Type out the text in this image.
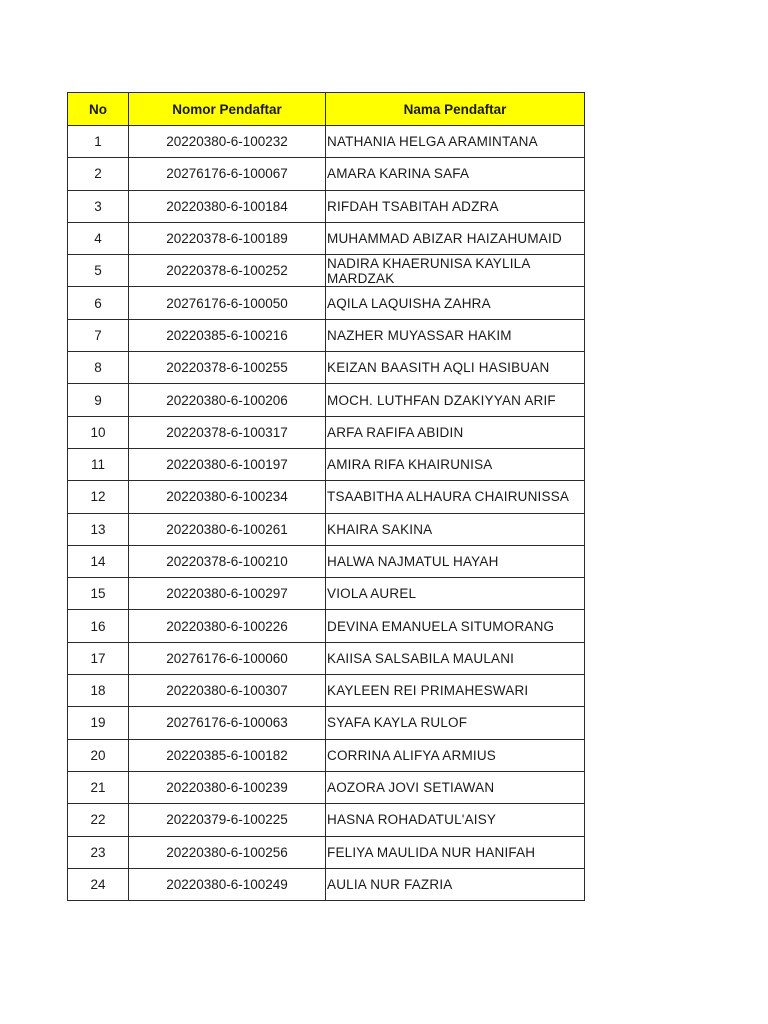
No	Nomor Pendaftar	Nama Pendaftar
1	20220380-6-100232	NATHANIA HELGA ARAMINTANA
2	20276176-6-100067	AMARA KARINA SAFA
3	20220380-6-100184	RIFDAH TSABITAH ADZRA
4	20220378-6-100189	MUHAMMAD ABIZAR HAIZAHUMAID
5	20220378-6-100252	NADIRA KHAERUNISA KAYLILA MARDZAK
6	20276176-6-100050	AQILA LAQUISHA ZAHRA
7	20220385-6-100216	NAZHER MUYASSAR HAKIM
8	20220378-6-100255	KEIZAN BAASITH AQLI HASIBUAN
9	20220380-6-100206	MOCH. LUTHFAN DZAKIYYAN ARIF
10	20220378-6-100317	ARFA RAFIFA ABIDIN
11	20220380-6-100197	AMIRA RIFA KHAIRUNISA
12	20220380-6-100234	TSAABITHA ALHAURA CHAIRUNISSA
13	20220380-6-100261	KHAIRA SAKINA
14	20220378-6-100210	HALWA NAJMATUL HAYAH
15	20220380-6-100297	VIOLA AUREL
16	20220380-6-100226	DEVINA EMANUELA SITUMORANG
17	20276176-6-100060	KAIISA SALSABILA MAULANI
18	20220380-6-100307	KAYLEEN REI PRIMAHESWARI
19	20276176-6-100063	SYAFA KAYLA RULOF
20	20220385-6-100182	CORRINA ALIFYA ARMIUS
21	20220380-6-100239	AOZORA JOVI SETIAWAN
22	20220379-6-100225	HASNA ROHADATUL'AISY
23	20220380-6-100256	FELIYA MAULIDA NUR HANIFAH
24	20220380-6-100249	AULIA NUR FAZRIA
